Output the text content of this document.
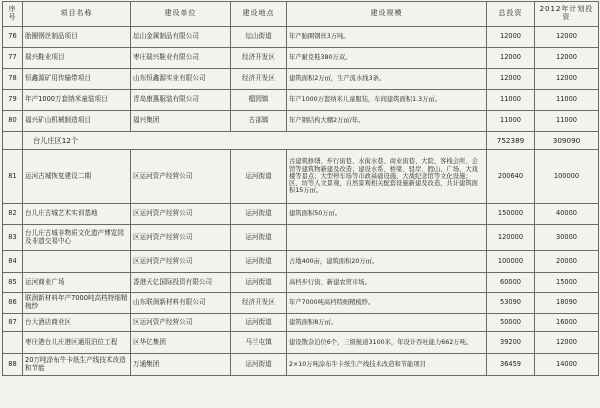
序号	项目名称	建设单位	建设地点	建设规模	总投资	2012年计划投资
76	胎圈钢丝制品项目	坛山金属制品有限公司	坛山街道	年产胎圈钢丝3万吨。	12000	12000
77	瑞兴鞋业项目	枣庄瑞兴鞋业有限公司	经济开发区	年产耐克鞋380万双。	12000	12000
78	恒鑫源矿用传输带项目	山东恒鑫源实业有限公司	经济开发区	建筑面积2万㎡，生产流水线3条。	12000	12000
79	年产1000万套纳米童装项目	青岛康惠服装有限公司	榴园镇	年产1000万套纳米儿童服装，车间建筑面积1.3万㎡。	11000	11000
80	福兴矿山机械制造项目	福兴集团	古邵镇	年产钢结构大棚2万㎡/年。	11000	11000
	台儿庄区12个				752389	309090
81	运河古城恢复建设二期	区运河资产经营公司	运河街道	古建筑修缮、步行街巷、水街水巷、商业街巷、大院、客栈会所、会馆等建筑物新建及改造；建设水系、桥梁、驳岸、假山、广场、大戏楼等景点；大型停车场等市政基础设施，大战纪念馆等文化设施；区、坊等人文景观，自然景观相关配套设施新建及改造，共计建筑面积15万㎡。	200640	100000
82	台儿庄古城艺术实训基地	区运河资产经营公司	运河街道	建筑面积50万㎡。	150000	40000
83	台儿庄古城非物质文化遗产博览园及非遗交易中心	区运河资产经营公司	运河街道		120000	30000
84		区运河资产经营公司	运河街道	占地400亩，建筑面积20万㎡。	100000	20000
85	运河商业广场	香港天亿国际投资有限公司	运河街道	高档步行街、新建农贸市场。	60000	15000
86	联润新材料年产7000吨高档特细精梳纱	山东联润新材料有限公司	经济开发区	年产7000吨高档特细精梳纱。	53090	18090
87	台大酒店商业区	区运河资产经营公司	运河街道	建筑面积8万㎡。	50000	16000
	枣庄港台儿庄港区通用泊位工程	区华亿集团	马兰屯镇	建设散杂泊位6个，三级航道3100米，年设计吞吐能力662万吨。	39200	12000
88	20万吨涂布牛卡纸生产线技术改造和节能	万通集团	运河街道	2×10万吨涂布牛卡纸生产线技术改造和节能项目	36459	14000
